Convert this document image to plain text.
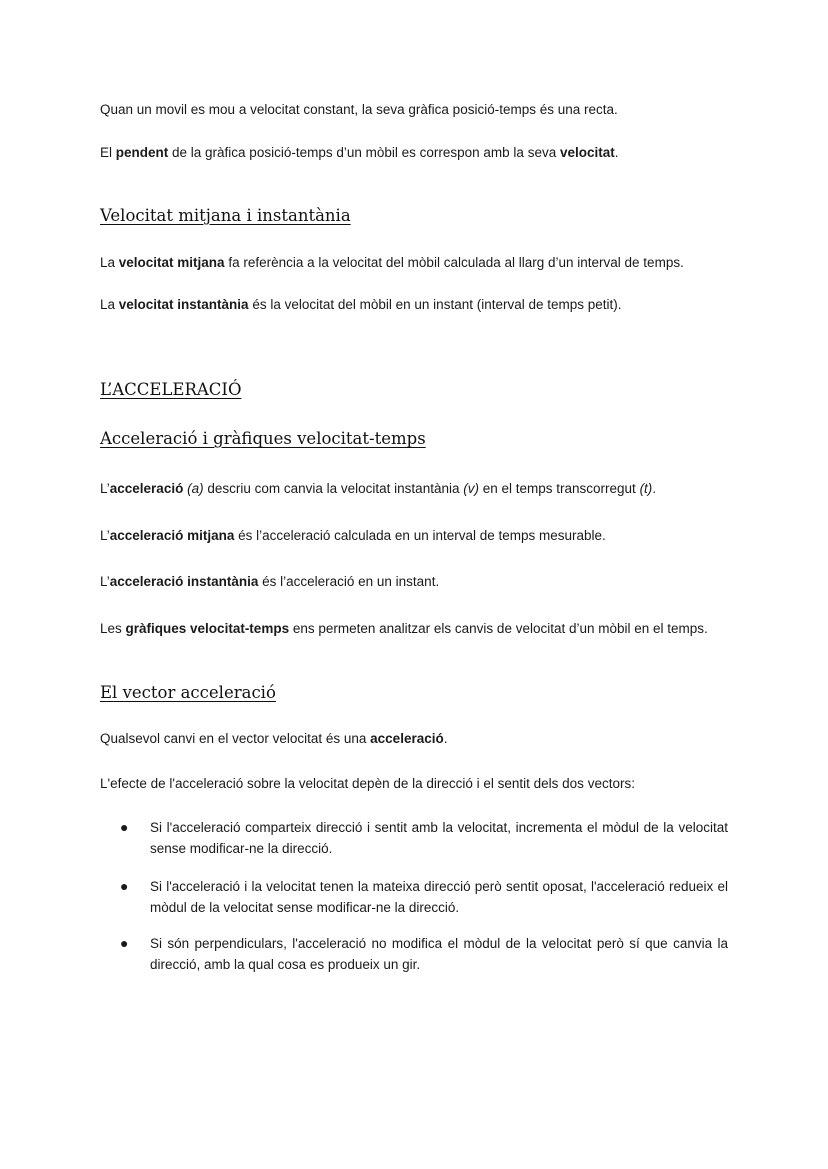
Quan un movil es mou a velocitat constant, la seva gràfica posició-temps és una recta.

El pendent de la gràfica posició-temps d’un mòbil es correspon amb la seva velocitat.

Velocitat mitjana i instantània

La velocitat mitjana fa referència a la velocitat del mòbil calculada al llarg d’un interval de temps.

La velocitat instantània és la velocitat del mòbil en un instant (interval de temps petit).

L’ACCELERACIÓ
Acceleració i gràfiques velocitat-temps

L’acceleració (a) descriu com canvia la velocitat instantània (v) en el temps transcorregut (t).

L’acceleració mitjana és l’acceleració calculada en un interval de temps mesurable.

L’acceleració instantània és l’acceleració en un instant.

Les gràfiques velocitat-temps ens permeten analitzar els canvis de velocitat d’un mòbil en el temps.

El vector acceleració

Qualsevol canvi en el vector velocitat és una acceleració.

L'efecte de l'acceleració sobre la velocitat depèn de la direcció i el sentit dels dos vectors:

● Si l'acceleració comparteix direcció i sentit amb la velocitat, incrementa el mòdul de la velocitat sense modificar-ne la direcció.

● Si l'acceleració i la velocitat tenen la mateixa direcció però sentit oposat, l'acceleració redueix el mòdul de la velocitat sense modificar-ne la direcció.

● Si són perpendiculars, l'acceleració no modifica el mòdul de la velocitat però sí que canvia la direcció, amb la qual cosa es produeix un gir.
